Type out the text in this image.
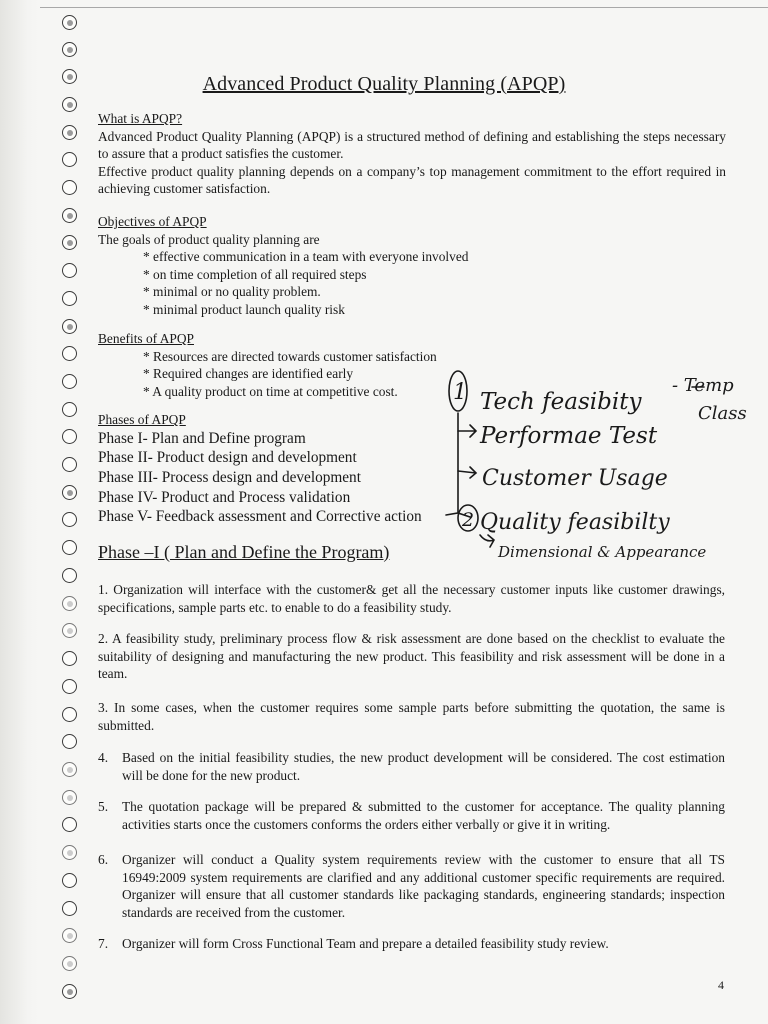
Advanced Product Quality Planning (APQP)
What is APQP?
Advanced Product Quality Planning (APQP) is a structured method of defining and establishing the steps necessary to assure that a product satisfies the customer.
Effective product quality planning depends on a company’s top management commitment to the effort required in achieving customer satisfaction.
Objectives of APQP
The goals of product quality planning are
* effective communication in a team with everyone involved
* on time completion of all required steps
* minimal or no quality problem.
* minimal product launch quality risk
Benefits of APQP
* Resources are directed towards customer satisfaction
* Required changes are identified early
* A quality product on time at competitive cost.
Phases of APQP
Phase I- Plan and Define program
Phase II- Product design and development
Phase III- Process design and development
Phase IV- Product and Process validation
Phase V- Feedback assessment and Corrective action
1 Tech feasibity
- Temp
Class
Performae Test
Customer Usage
2 Quality feasibilty
Dimensional & Appearance
Phase –I ( Plan and Define the Program)
1. Organization will interface with the customer& get all the necessary customer inputs like customer drawings, specifications, sample parts etc. to enable to do a feasibility study.
2. A feasibility study, preliminary process flow & risk assessment are done based on the checklist to evaluate the suitability of designing and manufacturing the new product. This feasibility and risk assessment will be done in a team.
3. In some cases, when the customer requires some sample parts before submitting the quotation, the same is submitted.
4.	Based on the initial feasibility studies, the new product development will be considered. The cost estimation will be done for the new product.
5.	The quotation package will be prepared & submitted to the customer for acceptance. The quality planning activities starts once the customers conforms the orders either verbally or give it in writing.
6.	Organizer will conduct a Quality system requirements review with the customer to ensure that all TS 16949:2009 system requirements are clarified and any additional customer specific requirements are required. Organizer will ensure that all customer standards like packaging standards, engineering standards; inspection standards are received from the customer.
7.	Organizer will form Cross Functional Team and prepare a detailed feasibility study review.
4
